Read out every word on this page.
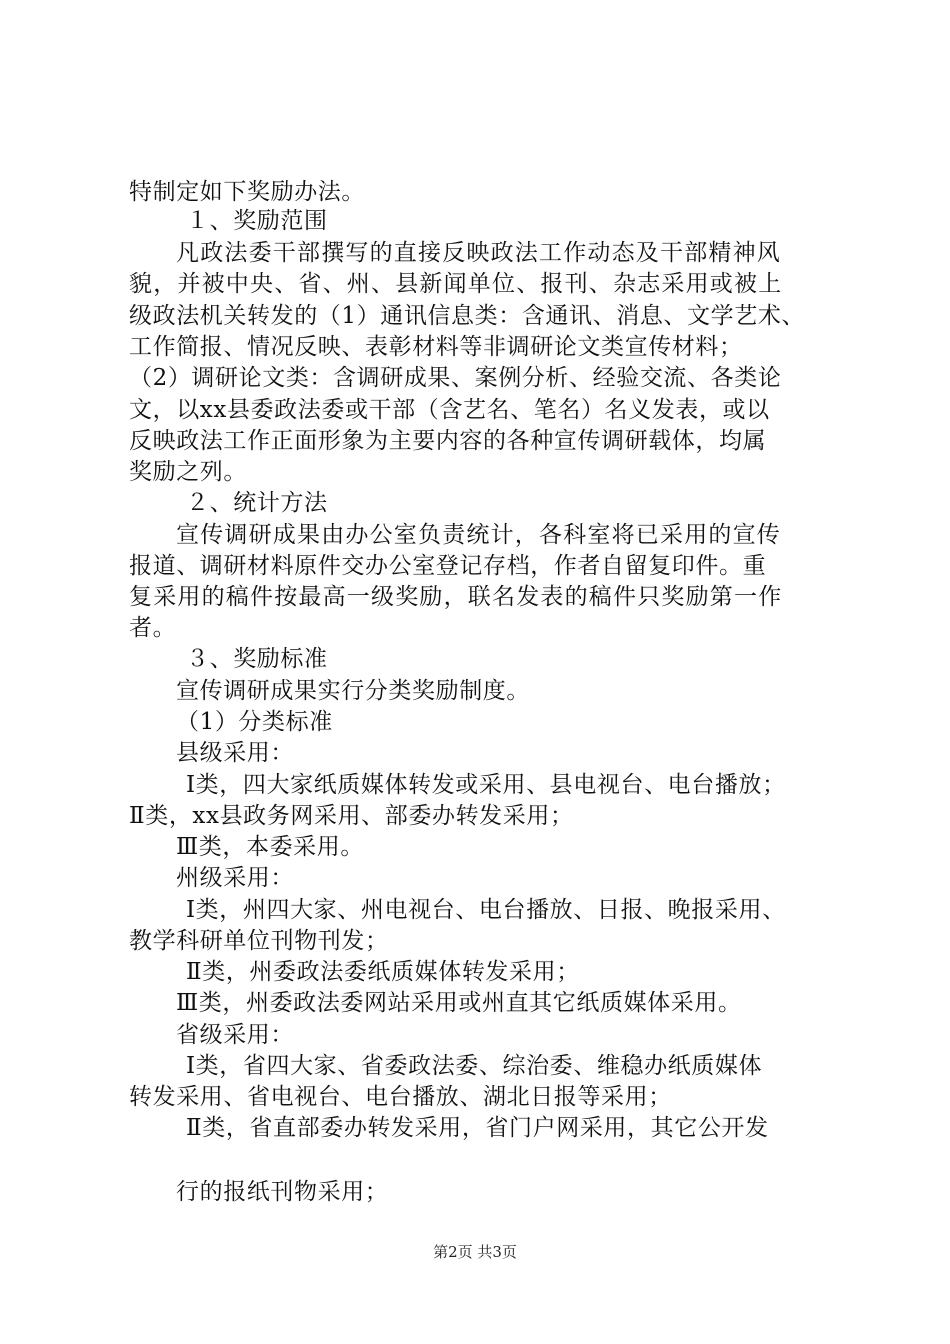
特制定如下奖励办法。
１、奖励范围
凡政法委干部撰写的直接反映政法工作动态及干部精神风
貌，并被中央、省、州、县新闻单位、报刊、杂志采用或被上
级政法机关转发的（1）通讯信息类：含通讯、消息、文学艺术、
工作简报、情况反映、表彰材料等非调研论文类宣传材料；
（2）调研论文类：含调研成果、案例分析、经验交流、各类论
文，以xx县委政法委或干部（含艺名、笔名）名义发表，或以
反映政法工作正面形象为主要内容的各种宣传调研载体，均属
奖励之列。
２、统计方法
宣传调研成果由办公室负责统计，各科室将已采用的宣传
报道、调研材料原件交办公室登记存档，作者自留复印件。重
复采用的稿件按最高一级奖励，联名发表的稿件只奖励第一作
者。
３、奖励标准
宣传调研成果实行分类奖励制度。
（1）分类标准
县级采用：
Ⅰ类，四大家纸质媒体转发或采用、县电视台、电台播放；
Ⅱ类，xx县政务网采用、部委办转发采用；
Ⅲ类，本委采用。
州级采用：
Ⅰ类，州四大家、州电视台、电台播放、日报、晚报采用、
教学科研单位刊物刊发；
Ⅱ类，州委政法委纸质媒体转发采用；
Ⅲ类，州委政法委网站采用或州直其它纸质媒体采用。
省级采用：
Ⅰ类，省四大家、省委政法委、综治委、维稳办纸质媒体
转发采用、省电视台、电台播放、湖北日报等采用；
Ⅱ类，省直部委办转发采用，省门户网采用，其它公开发
行的报纸刊物采用；
第2页 共3页
